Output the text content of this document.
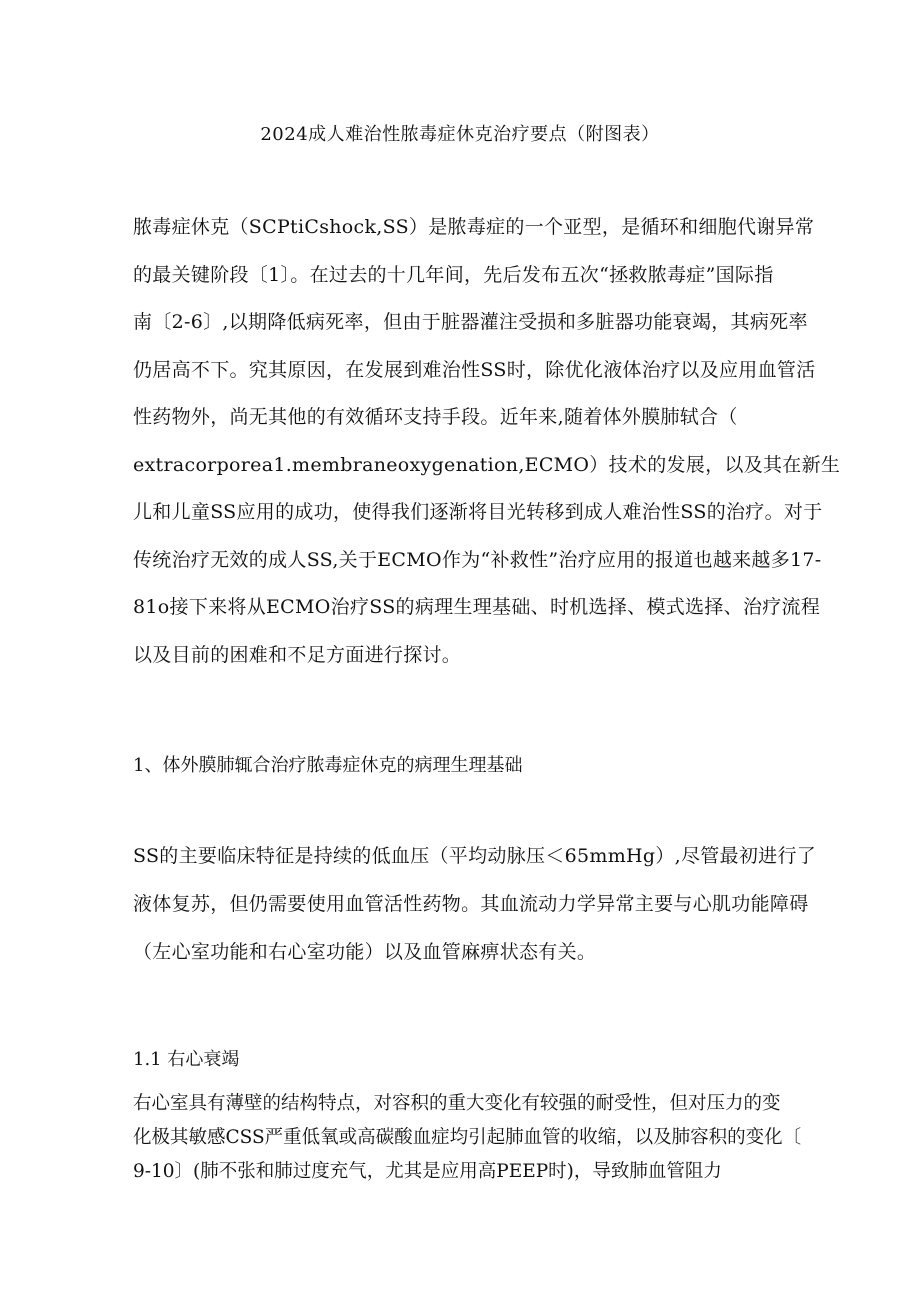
2024成人难治性脓毒症休克治疗要点（附图表）
脓毒症休克（SCPtiCshock,SS）是脓毒症的一个亚型，是循环和细胞代谢异常
的最关键阶段〔1〕。在过去的十几年间，先后发布五次“拯救脓毒症”国际指
南〔2-6〕,以期降低病死率，但由于脏器灌注受损和多脏器功能衰竭，其病死率
仍居高不下。究其原因，在发展到难治性SS时，除优化液体治疗以及应用血管活
性药物外，尚无其他的有效循环支持手段。近年来,随着体外膜肺轼合（
extracorporea1.membraneoxygenation,ECMO）技术的发展，以及其在新生
儿和儿童SS应用的成功，使得我们逐渐将目光转移到成人难治性SS的治疗。对于
传统治疗无效的成人SS,关于ECMO作为“补救性”治疗应用的报道也越来越多17-
81o接下来将从ECMO治疗SS的病理生理基础、时机选择、模式选择、治疗流程
以及目前的困难和不足方面进行探讨。
1、体外膜肺辄合治疗脓毒症休克的病理生理基础
SS的主要临床特征是持续的低血压（平均动脉压＜65mmHg）,尽管最初进行了
液体复苏，但仍需要使用血管活性药物。其血流动力学异常主要与心肌功能障碍
（左心室功能和右心室功能）以及血管麻痹状态有关。
1.1 右心衰竭
右心室具有薄壁的结构特点，对容积的重大变化有较强的耐受性，但对压力的变
化极其敏感CSS严重低氧或高碳酸血症均引起肺血管的收缩，以及肺容积的变化〔
9-10〕(肺不张和肺过度充气，尤其是应用高PEEP时)，导致肺血管阻力
